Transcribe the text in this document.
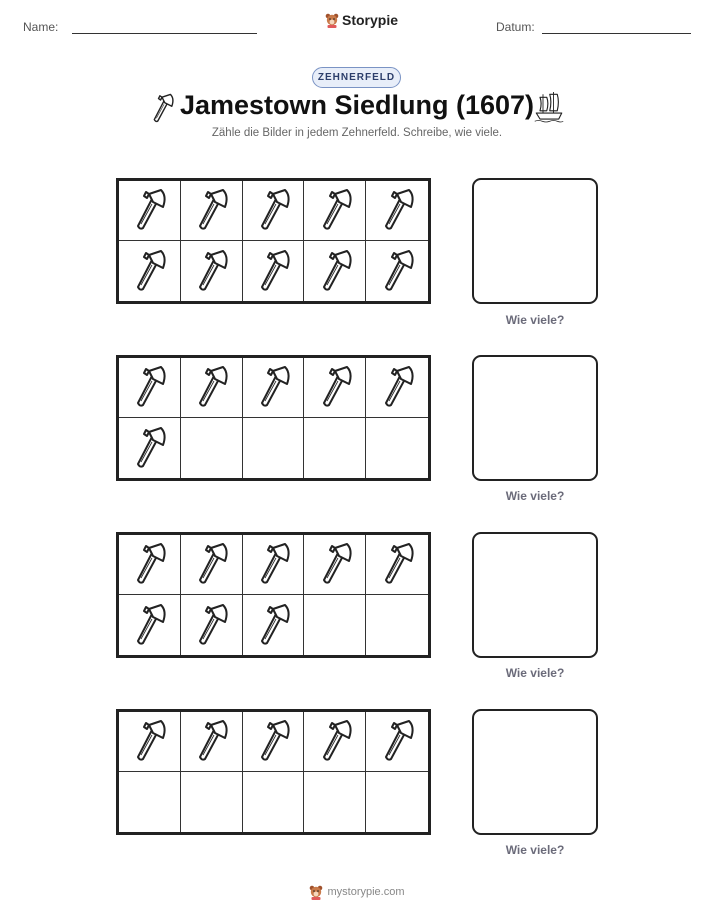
Name:	Storypie	Datum:
ZEHNERFELD
Jamestown Siedlung (1607)
Zähle die Bilder in jedem Zehnerfeld. Schreibe, wie viele.
Wie viele?
Wie viele?
Wie viele?
Wie viele?
mystorypie.com
